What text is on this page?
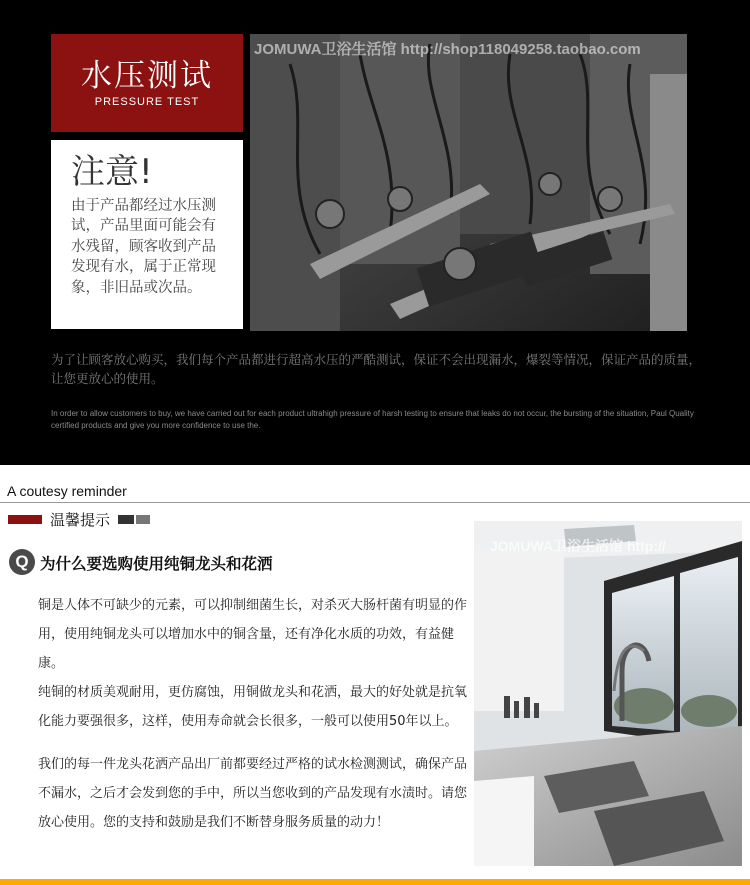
水压测试
PRESSURE TEST
注意!
由于产品都经过水压测试，产品里面可能会有水残留，顾客收到产品发现有水，属于正常现象，非旧品或次品。
JOMUWA卫浴生活馆 http://shop118049258.taobao.com
为了让顾客放心购买，我们每个产品都进行超高水压的严酷测试，保证不会出现漏水，爆裂等情况，保证产品的质量，让您更放心的使用。
In order to allow customers to buy, we have carried out for each product ultrahigh pressure of harsh testing to ensure that leaks do not occur, the bursting of the situation, Paul Quality certified products and give you more confidence to use the.
A coutesy reminder
温馨提示
Q 为什么要选购使用纯铜龙头和花洒

铜是人体不可缺少的元素，可以抑制细菌生长，对杀灭大肠杆菌有明显的作用，使用纯铜龙头可以增加水中的铜含量，还有净化水质的功效，有益健康。

纯铜的材质美观耐用，更仿腐蚀，用铜做龙头和花洒，最大的好处就是抗氧化能力要强很多，这样，使用寿命就会长很多，一般可以使用50年以上。

我们的每一件龙头花洒产品出厂前都要经过严格的试水检测测试，确保产品不漏水，之后才会发到您的手中，所以当您收到的产品发现有水渍时。请您放心使用。您的支持和鼓励是我们不断替身服务质量的动力！

JOMUWA卫浴生活馆 http://
